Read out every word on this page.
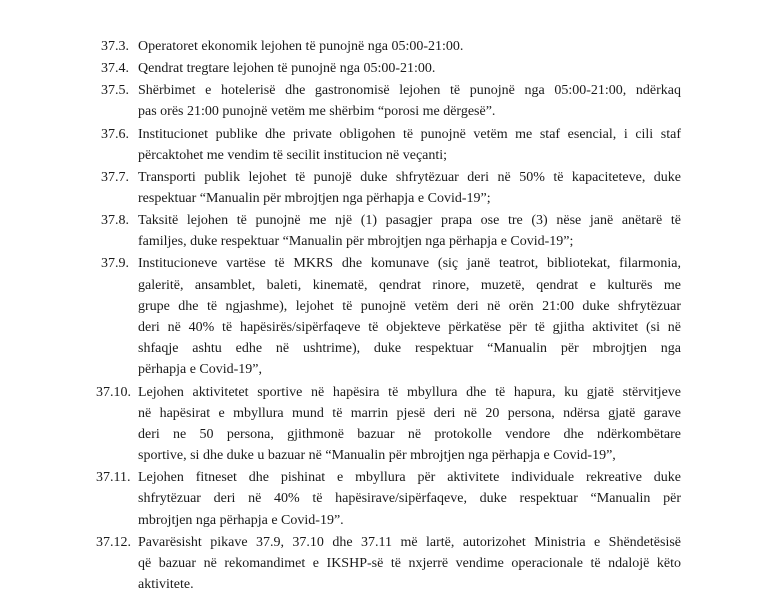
37.3. Operatoret ekonomik lejohen të punojnë nga 05:00-21:00.
37.4. Qendrat tregtare lejohen të punojnë nga 05:00-21:00.
37.5. Shërbimet e hotelerisë dhe gastronomisë lejohen të punojnë nga 05:00-21:00, ndërkaq
pas orës 21:00 punojnë vetëm me shërbim “porosi me dërgesë”.
37.6. Institucionet publike dhe private obligohen të punojnë vetëm me staf esencial, i cili staf
përcaktohet me vendim të secilit institucion në veçanti;
37.7. Transporti publik lejohet të punojë duke shfrytëzuar deri në 50% të kapaciteteve, duke
respektuar “Manualin për mbrojtjen nga përhapja e Covid-19”;
37.8. Taksitë lejohen të punojnë me një (1) pasagjer prapa ose tre (3) nëse janë anëtarë të
familjes, duke respektuar “Manualin për mbrojtjen nga përhapja e Covid-19”;
37.9. Institucioneve vartëse të MKRS dhe komunave (siç janë teatrot, bibliotekat, filarmonia,
galeritë, ansamblet, baleti, kinematë, qendrat rinore, muzetë, qendrat e kulturës me
grupe dhe të ngjashme), lejohet të punojnë vetëm deri në orën 21:00 duke shfrytëzuar
deri në 40% të hapësirës/sipërfaqeve të objekteve përkatëse për të gjitha aktivitet (si në
shfaqje ashtu edhe në ushtrime), duke respektuar “Manualin për mbrojtjen nga
përhapja e Covid-19”,
37.10. Lejohen aktivitetet sportive në hapësira të mbyllura dhe të hapura, ku gjatë stërvitjeve
në hapësirat e mbyllura mund të marrin pjesë deri në 20 persona, ndërsa gjatë garave
deri ne 50 persona, gjithmonë bazuar në protokolle vendore dhe ndërkombëtare
sportive, si dhe duke u bazuar në “Manualin për mbrojtjen nga përhapja e Covid-19”,
37.11. Lejohen fitneset dhe pishinat e mbyllura për aktivitete individuale rekreative duke
shfrytëzuar deri në 40% të hapësirave/sipërfaqeve, duke respektuar “Manualin për
mbrojtjen nga përhapja e Covid-19”.
37.12. Pavarësisht pikave 37.9, 37.10 dhe 37.11 më lartë, autorizohet Ministria e Shëndetësisë
që bazuar në rekomandimet e IKSHP-së të nxjerrë vendime operacionale të ndalojë këto
aktivitete.
